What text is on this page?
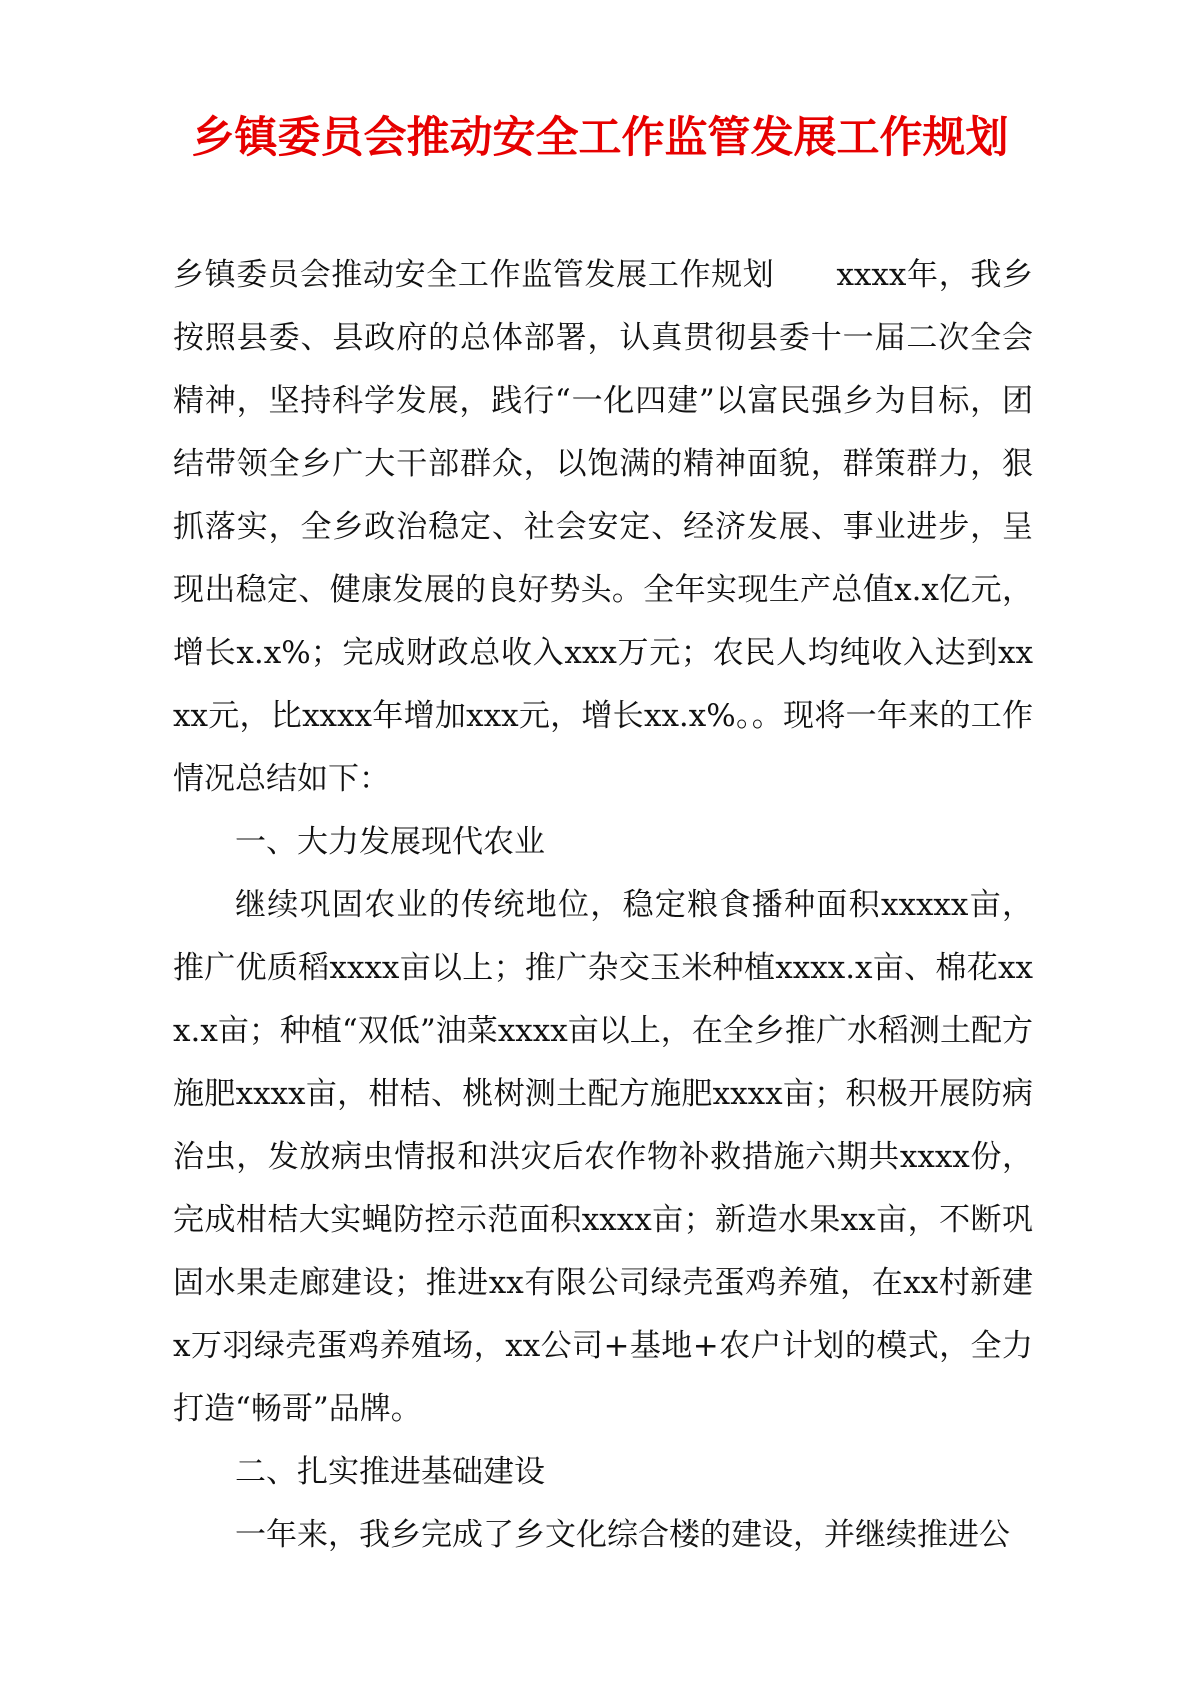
乡镇委员会推动安全工作监管发展工作规划

乡镇委员会推动安全工作监管发展工作规划 xxxx年，我乡按照县委、县政府的总体部署，认真贯彻县委十一届二次全会精神，坚持科学发展，践行“一化四建”以富民强乡为目标，团结带领全乡广大干部群众，以饱满的精神面貌，群策群力，狠抓落实，全乡政治稳定、社会安定、经济发展、事业进步，呈现出稳定、健康发展的良好势头。全年实现生产总值x.x亿元，增长x.x%；完成财政总收入xxx万元；农民人均纯收入达到xxxx元，比xxxx年增加xxx元，增长xx.x%。。现将一年来的工作情况总结如下：

一、大力发展现代农业

继续巩固农业的传统地位，稳定粮食播种面积xxxxx亩，推广优质稻xxxx亩以上；推广杂交玉米种植xxxx.x亩、棉花xxx.x亩；种植“双低”油菜xxxx亩以上，在全乡推广水稻测土配方施肥xxxx亩，柑桔、桃树测土配方施肥xxxx亩；积极开展防病治虫，发放病虫情报和洪灾后农作物补救措施六期共xxxx份，完成柑桔大实蝇防控示范面积xxxx亩；新造水果xx亩，不断巩固水果走廊建设；推进xx有限公司绿壳蛋鸡养殖，在xx村新建x万羽绿壳蛋鸡养殖场，xx公司+基地+农户计划的模式，全力打造“畅哥”品牌。

二、扎实推进基础建设

一年来，我乡完成了乡文化综合楼的建设，并继续推进公
